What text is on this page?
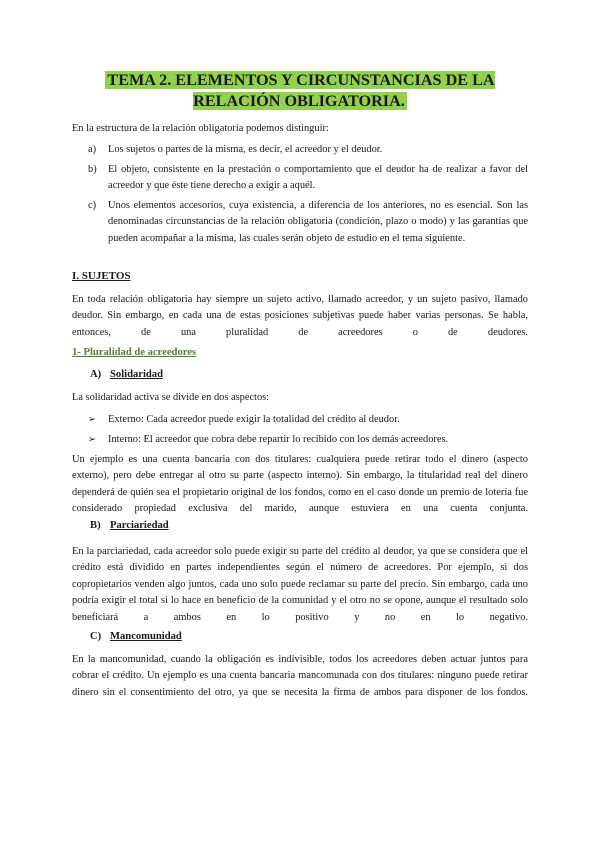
TEMA 2. ELEMENTOS Y CIRCUNSTANCIAS DE LA RELACIÓN OBLIGATORIA.
En la estructura de la relación obligatoria podemos distinguir:
a) Los sujetos o partes de la misma, es decir, el acreedor y el deudor.
b) El objeto, consistente en la prestación o comportamiento que el deudor ha de realizar a favor del acreedor y que éste tiene derecho a exigir a aquél.
c) Unos elementos accesorios, cuya existencia, a diferencia de los anteriores, no es esencial. Son las denominadas circunstancias de la relación obligatoria (condición, plazo o modo) y las garantías que pueden acompañar a la misma, las cuales serán objeto de estudio en el tema siguiente.
I. SUJETOS
En toda relación obligatoria hay siempre un sujeto activo, llamado acreedor, y un sujeto pasivo, llamado deudor. Sin embargo, en cada una de estas posiciones subjetivas puede haber varias personas. Se habla, entonces, de una pluralidad de acreedores o de deudores.
1- Pluralidad de acreedores
A) Solidaridad
La solidaridad activa se divide en dos aspectos:
➢ Externo: Cada acreedor puede exigir la totalidad del crédito al deudor.
➢ Interno: El acreedor que cobra debe repartir lo recibido con los demás acreedores.
Un ejemplo es una cuenta bancaria con dos titulares: cualquiera puede retirar todo el dinero (aspecto externo), pero debe entregar al otro su parte (aspecto interno). Sin embargo, la titularidad real del dinero dependerá de quién sea el propietario original de los fondos, como en el caso donde un premio de lotería fue considerado propiedad exclusiva del marido, aunque estuviera en una cuenta conjunta.
B) Parciariedad
En la parciariedad, cada acreedor solo puede exigir su parte del crédito al deudor, ya que se considera que el crédito está dividido en partes independientes según el número de acreedores. Por ejemplo, si dos copropietarios venden algo juntos, cada uno solo puede reclamar su parte del precio. Sin embargo, cada uno podría exigir el total si lo hace en beneficio de la comunidad y el otro no se opone, aunque el resultado solo beneficiará a ambos en lo positivo y no en lo negativo.
C) Mancomunidad
En la mancomunidad, cuando la obligación es indivisible, todos los acreedores deben actuar juntos para cobrar el crédito. Un ejemplo es una cuenta bancaria mancomunada con dos titulares: ninguno puede retirar dinero sin el consentimiento del otro, ya que se necesita la firma de ambos para disponer de los fondos.
